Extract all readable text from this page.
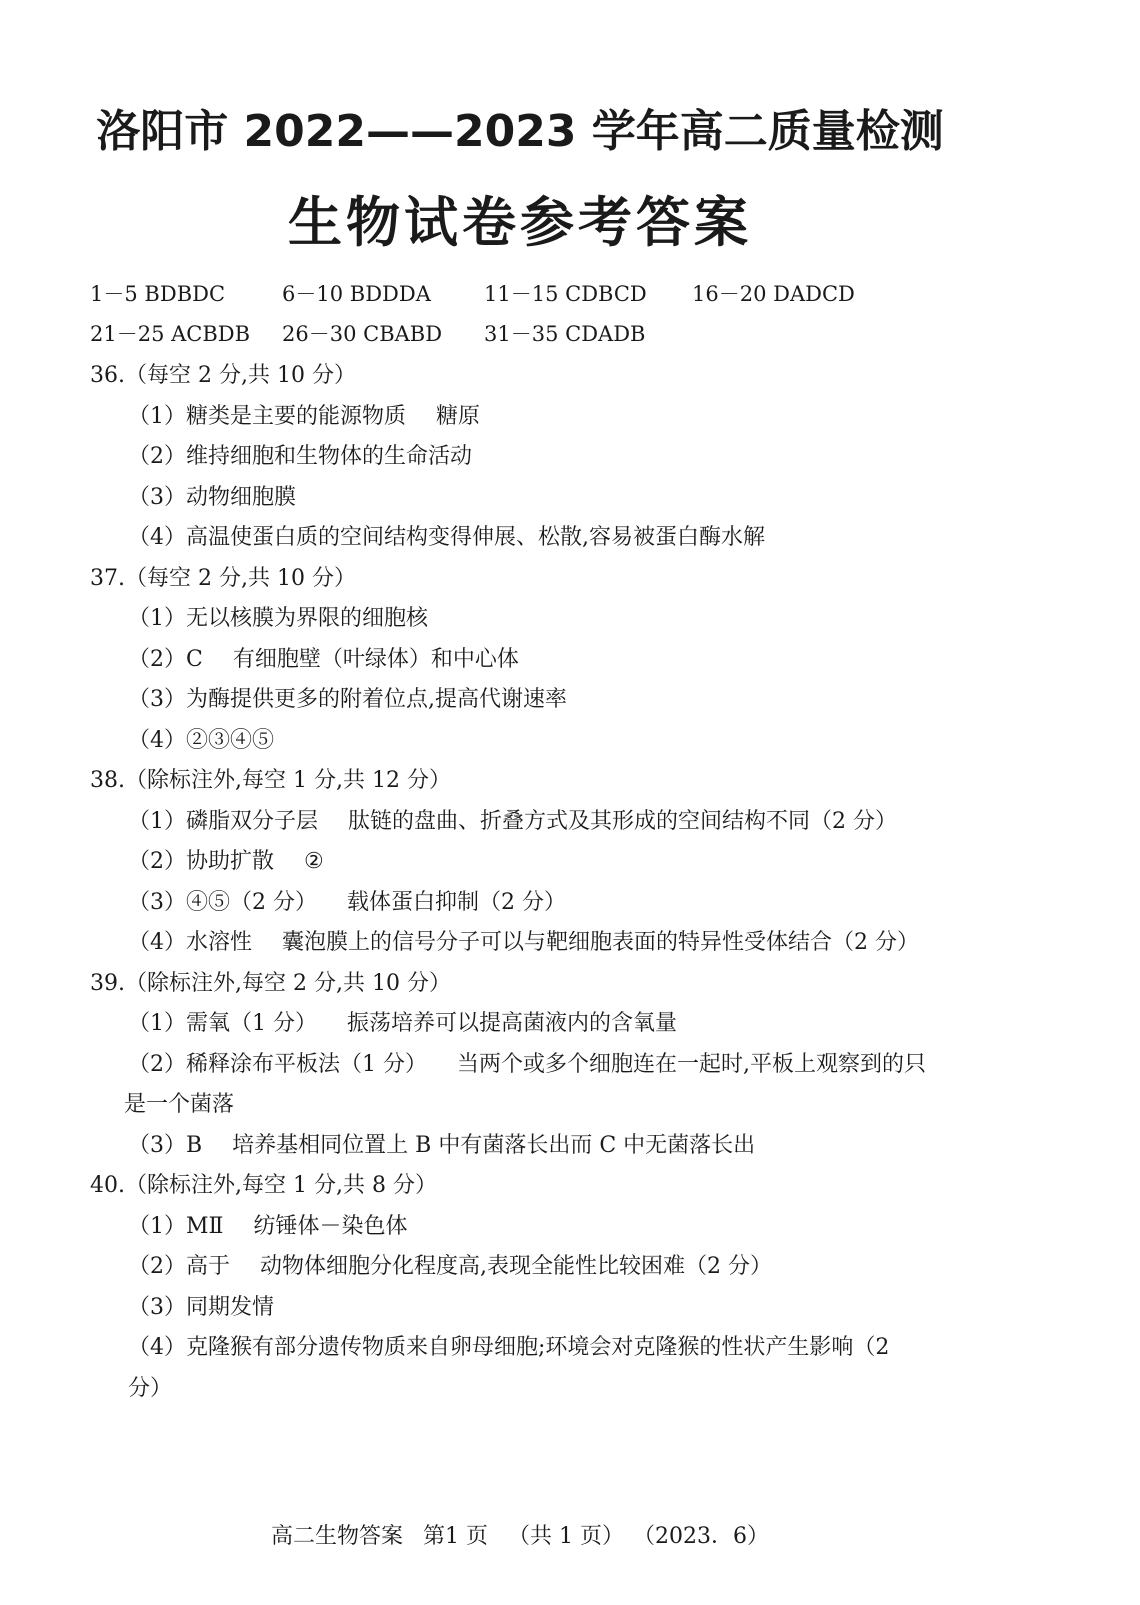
洛阳市 2022——2023 学年高二质量检测
生物试卷参考答案
1－5 BDBDC	6－10 BDDDA	11－15 CDBCD 16－20 DADCD
21－25 ACBDB 26－30 CBABD 31－35 CDADB
36.（每空 2 分,共 10 分）
（1）糖类是主要的能源物质 糖原
（2）维持细胞和生物体的生命活动
（3）动物细胞膜
（4）高温使蛋白质的空间结构变得伸展、松散,容易被蛋白酶水解
37.（每空 2 分,共 10 分）
（1）无以核膜为界限的细胞核
（2）C 有细胞壁（叶绿体）和中心体
（3）为酶提供更多的附着位点,提高代谢速率
（4）②③④⑤
38.（除标注外,每空 1 分,共 12 分）
（1）磷脂双分子层 肽链的盘曲、折叠方式及其形成的空间结构不同（2 分）
（2）协助扩散 ②
（3）④⑤（2 分） 载体蛋白抑制（2 分）
（4）水溶性 囊泡膜上的信号分子可以与靶细胞表面的特异性受体结合（2 分）
39.（除标注外,每空 2 分,共 10 分）
（1）需氧（1 分） 振荡培养可以提高菌液内的含氧量
（2）稀释涂布平板法（1 分） 当两个或多个细胞连在一起时,平板上观察到的只
是一个菌落
（3）B 培养基相同位置上 B 中有菌落长出而 C 中无菌落长出
40.（除标注外,每空 1 分,共 8 分）
（1）MⅡ 纺锤体－染色体
（2）高于 动物体细胞分化程度高,表现全能性比较困难（2 分）
（3）同期发情
（4）克隆猴有部分遗传物质来自卵母细胞;环境会对克隆猴的性状产生影响（2
分）
高二生物答案 第1 页 （共 1 页） （2023．6）
